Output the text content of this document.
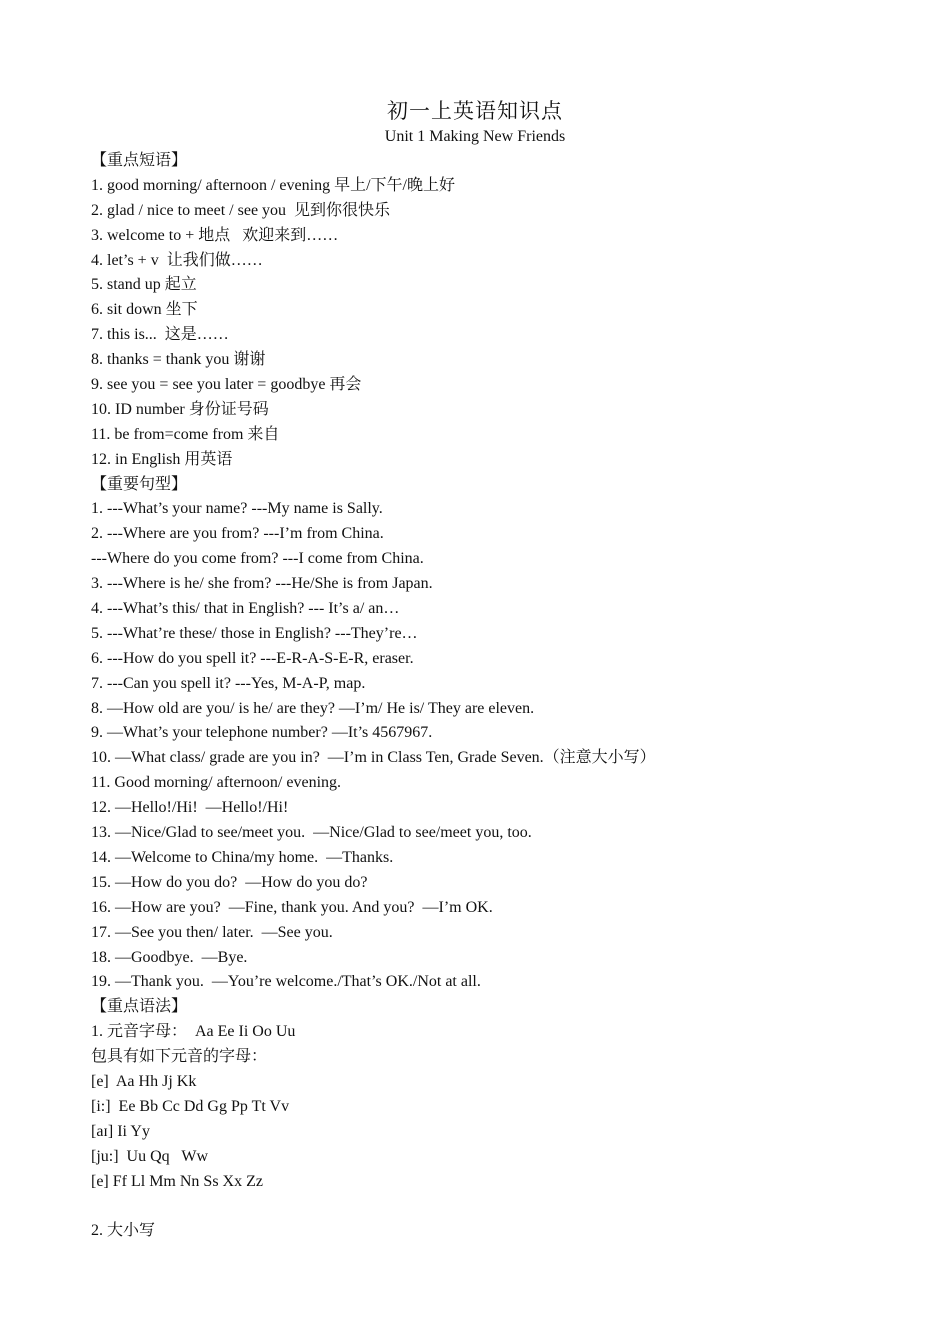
初一上英语知识点
Unit 1 Making New Friends
【重点短语】
1. good morning/ afternoon / evening 早上/下午/晚上好
2. glad / nice to meet / see you  见到你很快乐
3. welcome to + 地点   欢迎来到……
4. let’s + v  让我们做……
5. stand up 起立
6. sit down 坐下
7. this is...  这是……
8. thanks = thank you 谢谢
9. see you = see you later = goodbye 再会
10. ID number 身份证号码
11. be from=come from 来自
12. in English 用英语
【重要句型】
1. ---What’s your name? ---My name is Sally.
2. ---Where are you from? ---I’m from China.
---Where do you come from? ---I come from China.
3. ---Where is he/ she from? ---He/She is from Japan.
4. ---What’s this/ that in English? --- It’s a/ an…
5. ---What’re these/ those in English? ---They’re…
6. ---How do you spell it? ---E-R-A-S-E-R, eraser.
7. ---Can you spell it? ---Yes, M-A-P, map.
8. —How old are you/ is he/ are they? —I’m/ He is/ They are eleven.
9. —What’s your telephone number? —It’s 4567967.
10. —What class/ grade are you in?  —I’m in Class Ten, Grade Seven.（注意大小写）
11. Good morning/ afternoon/ evening.
12. —Hello!/Hi!  —Hello!/Hi!
13. —Nice/Glad to see/meet you.  —Nice/Glad to see/meet you, too.
14. —Welcome to China/my home.  —Thanks.
15. —How do you do?  —How do you do?
16. —How are you?  —Fine, thank you. And you?  —I’m OK.
17. —See you then/ later.  —See you.
18. —Goodbye.  —Bye.
19. —Thank you.  —You’re welcome./That’s OK./Not at all.
【重点语法】
1. 元音字母：  Aa Ee Ii Oo Uu
包具有如下元音的字母：
[e]  Aa Hh Jj Kk
[i:]  Ee Bb Cc Dd Gg Pp Tt Vv
[aɪ] Ii Yy
[ju:]  Uu Qq   Ww
[e] Ff Ll Mm Nn Ss Xx Zz
2. 大小写
